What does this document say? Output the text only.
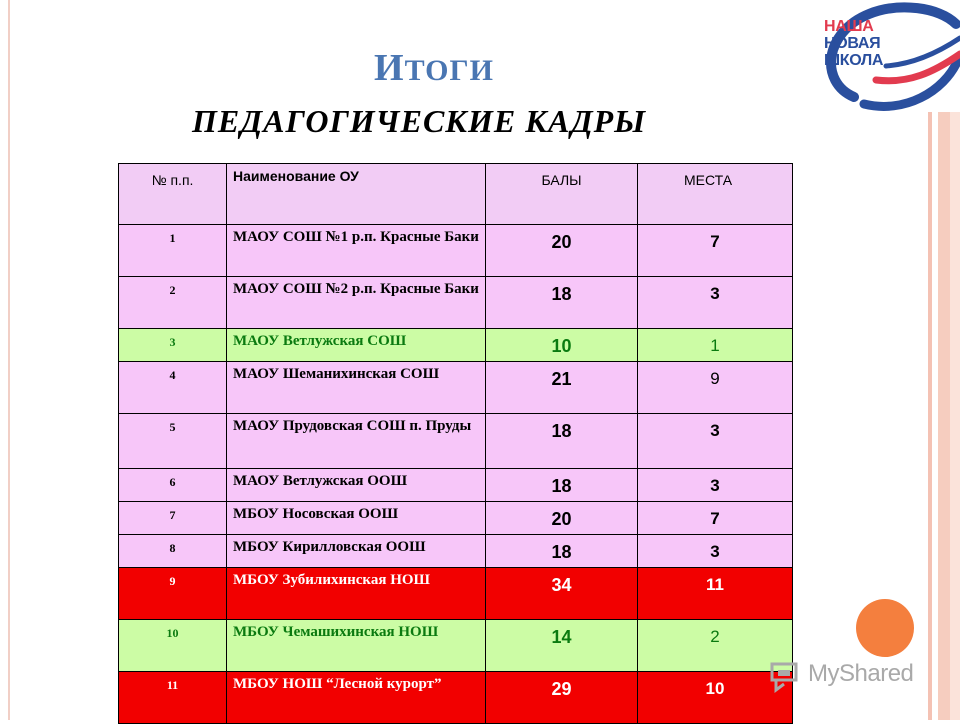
ИТОГИ
ПЕДАГОГИЧЕСКИЕ КАДРЫ
НАША
НОВАЯ
ШКОЛА
№ п.п.	Наименование ОУ	БАЛЫ	МЕСТА
1	МАОУ СОШ №1 р.п. Красные Баки	20	7
2	МАОУ СОШ №2 р.п. Красные Баки	18	3
3	МАОУ Ветлужская СОШ	10	1
4	МАОУ Шеманихинская СОШ	21	9
5	МАОУ Прудовская СОШ п. Пруды	18	3
6	МАОУ Ветлужская ООШ	18	3
7	МБОУ Носовская ООШ	20	7
8	МБОУ Кирилловская ООШ	18	3
9	МБОУ Зубилихинская НОШ	34	11
10	МБОУ Чемашихинская НОШ	14	2
11	МБОУ НОШ “Лесной курорт”	29	10
MyShared
